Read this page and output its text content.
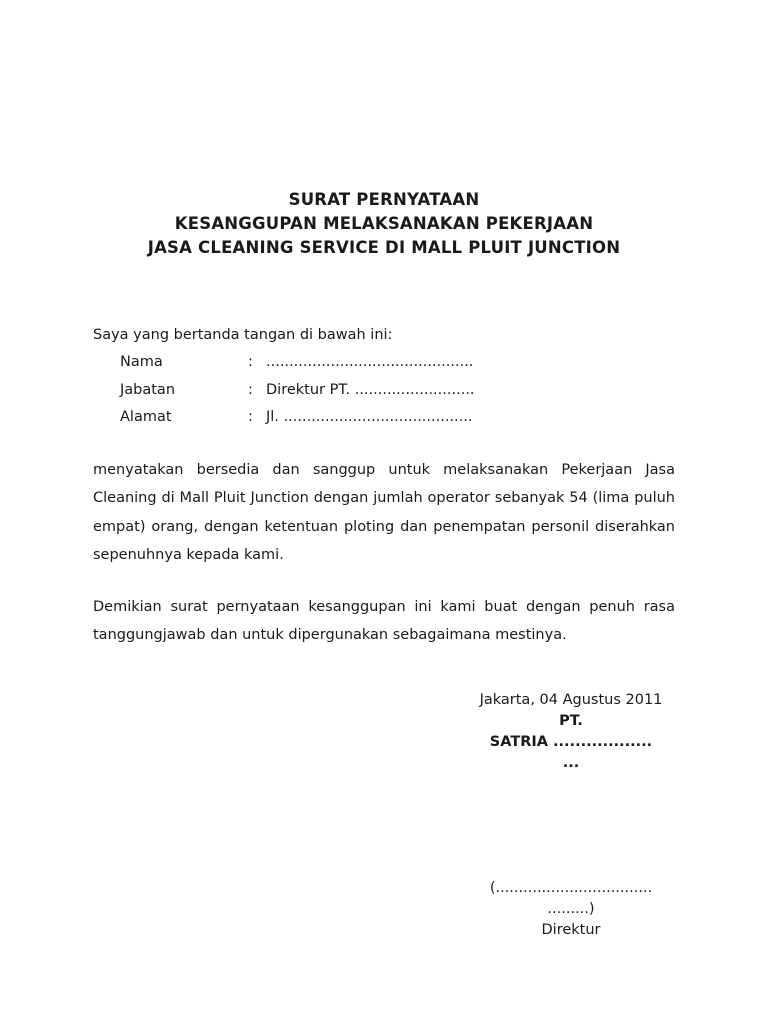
SURAT PERNYATAAN
KESANGGUPAN MELAKSANAKAN PEKERJAAN
JASA CLEANING SERVICE DI MALL PLUIT JUNCTION
Saya yang bertanda tangan di bawah ini:
Nama	: .............................................
Jabatan	: Direktur PT. ..........................
Alamat	: Jl. .........................................
menyatakan bersedia dan sanggup untuk melaksanakan Pekerjaan Jasa Cleaning di Mall Pluit Junction dengan jumlah operator sebanyak 54 (lima puluh empat) orang, dengan ketentuan ploting dan penempatan personil diserahkan sepenuhnya kepada kami.
Demikian surat pernyataan kesanggupan ini kami buat dengan penuh rasa tanggungjawab dan untuk dipergunakan sebagaimana mestinya.
Jakarta, 04 Agustus 2011
PT.
SATRIA ..................
...
(..................................
.........)
Direktur
